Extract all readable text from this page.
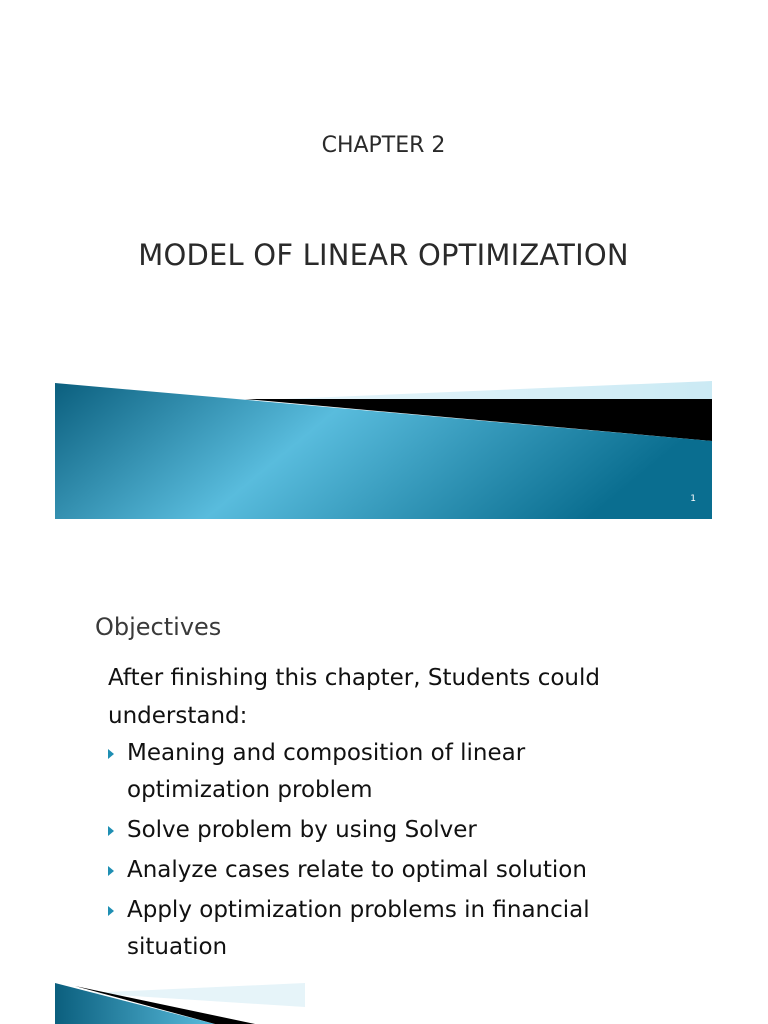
CHAPTER 2
MODEL OF LINEAR OPTIMIZATION
1
Objectives
After finishing this chapter, Students could understand:
Meaning and composition of linear optimization problem
Solve problem by using Solver
Analyze cases relate to optimal solution
Apply optimization problems in financial situation
